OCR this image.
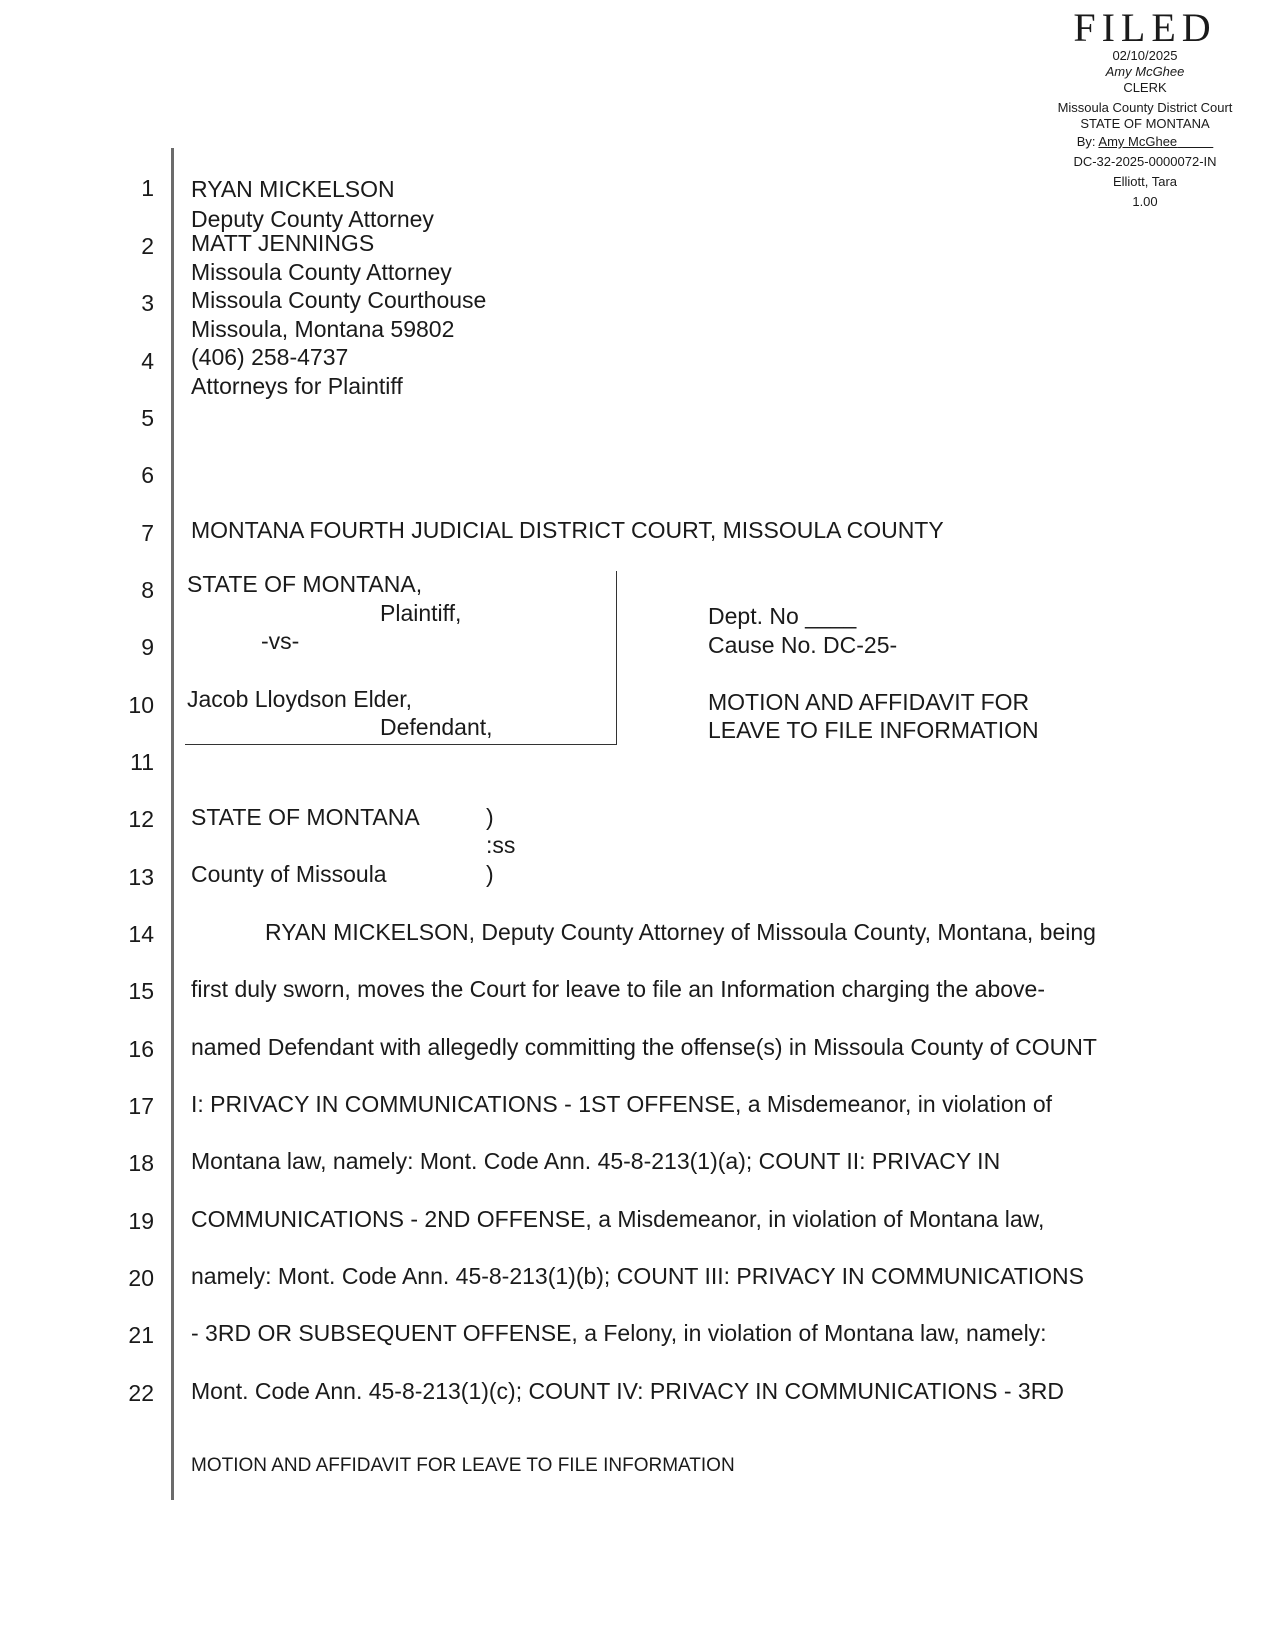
FILED
02/10/2025
Amy McGhee
CLERK
Missoula County District Court
STATE OF MONTANA
By: Amy McGhee
DC-32-2025-0000072-IN
Elliott, Tara
1.00
1
2
3
4
5
6
7
8
9
10
11
12
13
14
15
16
17
18
19
20
21
22
RYAN MICKELSON
Deputy County Attorney
MATT JENNINGS
Missoula County Attorney
Missoula County Courthouse
Missoula, Montana 59802
(406) 258-4737
Attorneys for Plaintiff
MONTANA FOURTH JUDICIAL DISTRICT COURT, MISSOULA COUNTY
STATE OF MONTANA,
Plaintiff,
-vs-
Jacob Lloydson Elder,
Defendant,
Dept. No ____
Cause No. DC-25-
MOTION AND AFFIDAVIT FOR
LEAVE TO FILE INFORMATION
STATE OF MONTANA	)
:ss
County of Missoula	)
RYAN MICKELSON, Deputy County Attorney of Missoula County, Montana, being
first duly sworn, moves the Court for leave to file an Information charging the above-
named Defendant with allegedly committing the offense(s) in Missoula County of COUNT
I: PRIVACY IN COMMUNICATIONS - 1ST OFFENSE, a Misdemeanor, in violation of
Montana law, namely: Mont. Code Ann. 45-8-213(1)(a); COUNT II: PRIVACY IN
COMMUNICATIONS - 2ND OFFENSE, a Misdemeanor, in violation of Montana law,
namely: Mont. Code Ann. 45-8-213(1)(b); COUNT III: PRIVACY IN COMMUNICATIONS
- 3RD OR SUBSEQUENT OFFENSE, a Felony, in violation of Montana law, namely:
Mont. Code Ann. 45-8-213(1)(c); COUNT IV: PRIVACY IN COMMUNICATIONS - 3RD
MOTION AND AFFIDAVIT FOR LEAVE TO FILE INFORMATION
